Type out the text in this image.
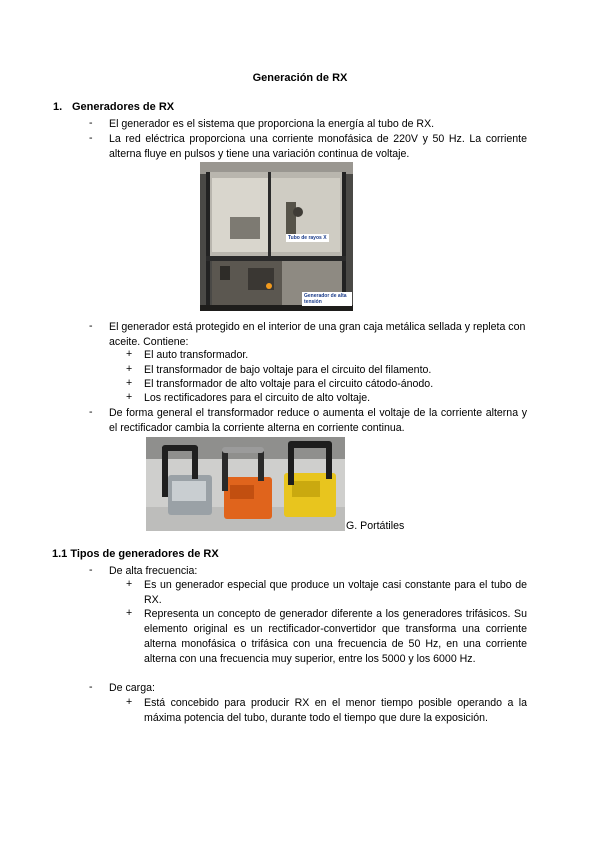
Generación de RX
1. Generadores de RX
- El generador es el sistema que proporciona la energía al tubo de RX.
- La red eléctrica proporciona una corriente monofásica de 220V y 50 Hz. La corriente alterna fluye en pulsos y tiene una variación continua de voltaje.
Tubo de rayos X
Generador de alta tensión
- El generador está protegido en el interior de una gran caja metálica sellada y repleta con aceite. Contiene:
+ El auto transformador.
+ El transformador de bajo voltaje para el circuito del filamento.
+ El transformador de alto voltaje para el circuito cátodo-ánodo.
+ Los rectificadores para el circuito de alto voltaje.
- De forma general el transformador reduce o aumenta el voltaje de la corriente alterna y el rectificador cambia la corriente alterna en corriente continua.
G. Portátiles
1.1 Tipos de generadores de RX
- De alta frecuencia:
+ Es un generador especial que produce un voltaje casi constante para el tubo de RX.
+ Representa un concepto de generador diferente a los generadores trifásicos. Su elemento original es un rectificador-convertidor que transforma una corriente alterna monofásica o trifásica con una frecuencia de 50 Hz, en una corriente alterna con una frecuencia muy superior, entre los 5000 y los 6000 Hz.
- De carga:
+ Está concebido para producir RX en el menor tiempo posible operando a la máxima potencia del tubo, durante todo el tiempo que dure la exposición.
